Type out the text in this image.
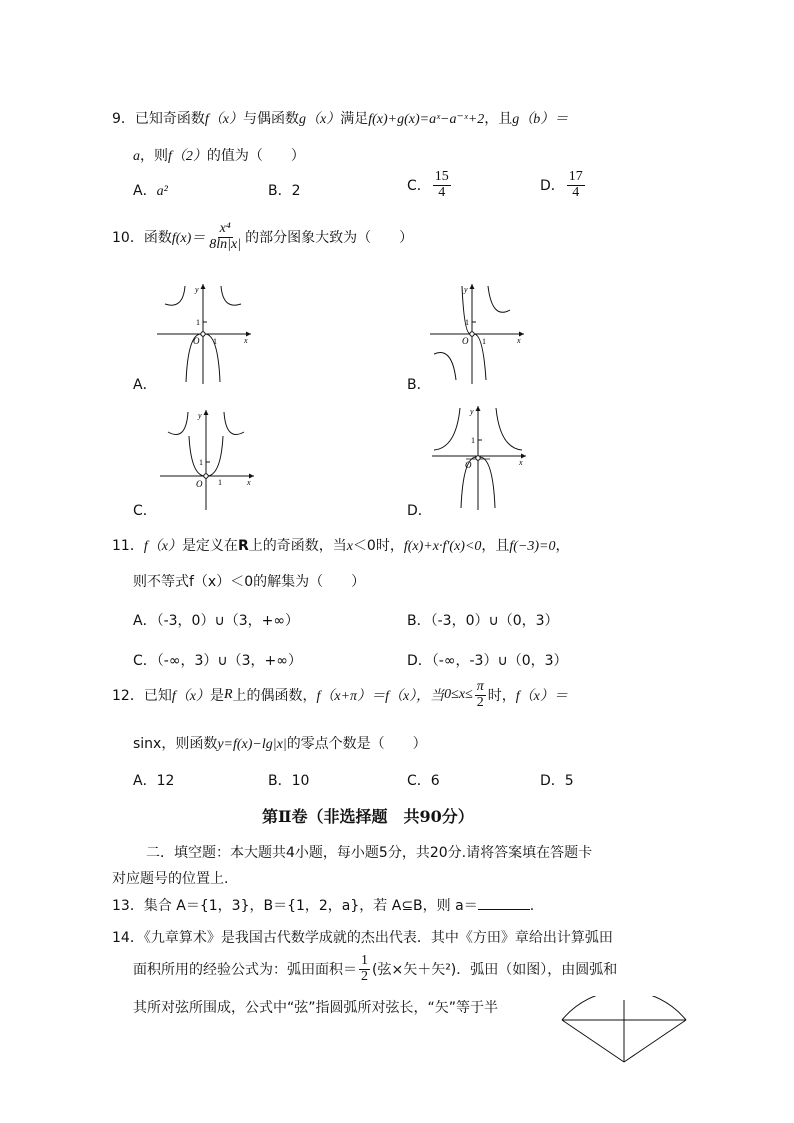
9．已知奇函数f（x）与偶函数g（x）满足f(x)+g(x)=aˣ−a⁻ˣ+2，且g（b）＝
a，则f（2）的值为（　　）
A．a²	B．2	C． $\frac{15}{4}$	D． $\frac{17}{4}$
10．函数$f(x)= \frac{\text{x⁴}}{8\ln|x|}$ 的部分图象大致为（　　）
y
x
O
1
1
A．
y
x
O
1
1
B．
y
x
O
1
1
C．
y
x
O
1
D．
11．f（x）是定义在R上的奇函数，当x＜0时，f(x)+x·f′(x)<0，且f(−3)=0，
则不等式f（x）＜0的解集为（　　）
A．（-3，0）∪（3，+∞）	B．（-3，0）∪（0，3）
C．（-∞，3）∪（3，+∞）	D．（-∞，-3）∪（0，3）
12．已知f（x）是R上的偶函数，f（x+π）＝f（x），当$0\le x\le \frac{\pi}{2}$ 时，f（x）＝
sinx，则函数y=f(x)−lg|x|的零点个数是（　　）
A．12	B．10	C．6	D．5
第Ⅱ卷（非选择题　共90分）
二．填空题：本大题共4小题，每小题5分，共20分.请将答案填在答题卡
对应题号的位置上.
13．集合 A＝{1，3}，B＝{1，2，a}，若 A⊆B，则 a＝	.
14．《九章算术》是我国古代数学成就的杰出代表．其中《方田》章给出计算弧田
面积所用的经验公式为：弧田面积＝ $\frac{1}{2}$ (弦×矢＋矢²)．弧田（如图），由圆弧和
其所对弦所围成，公式中“弦”指圆弧所对弦长，“矢”等于半
